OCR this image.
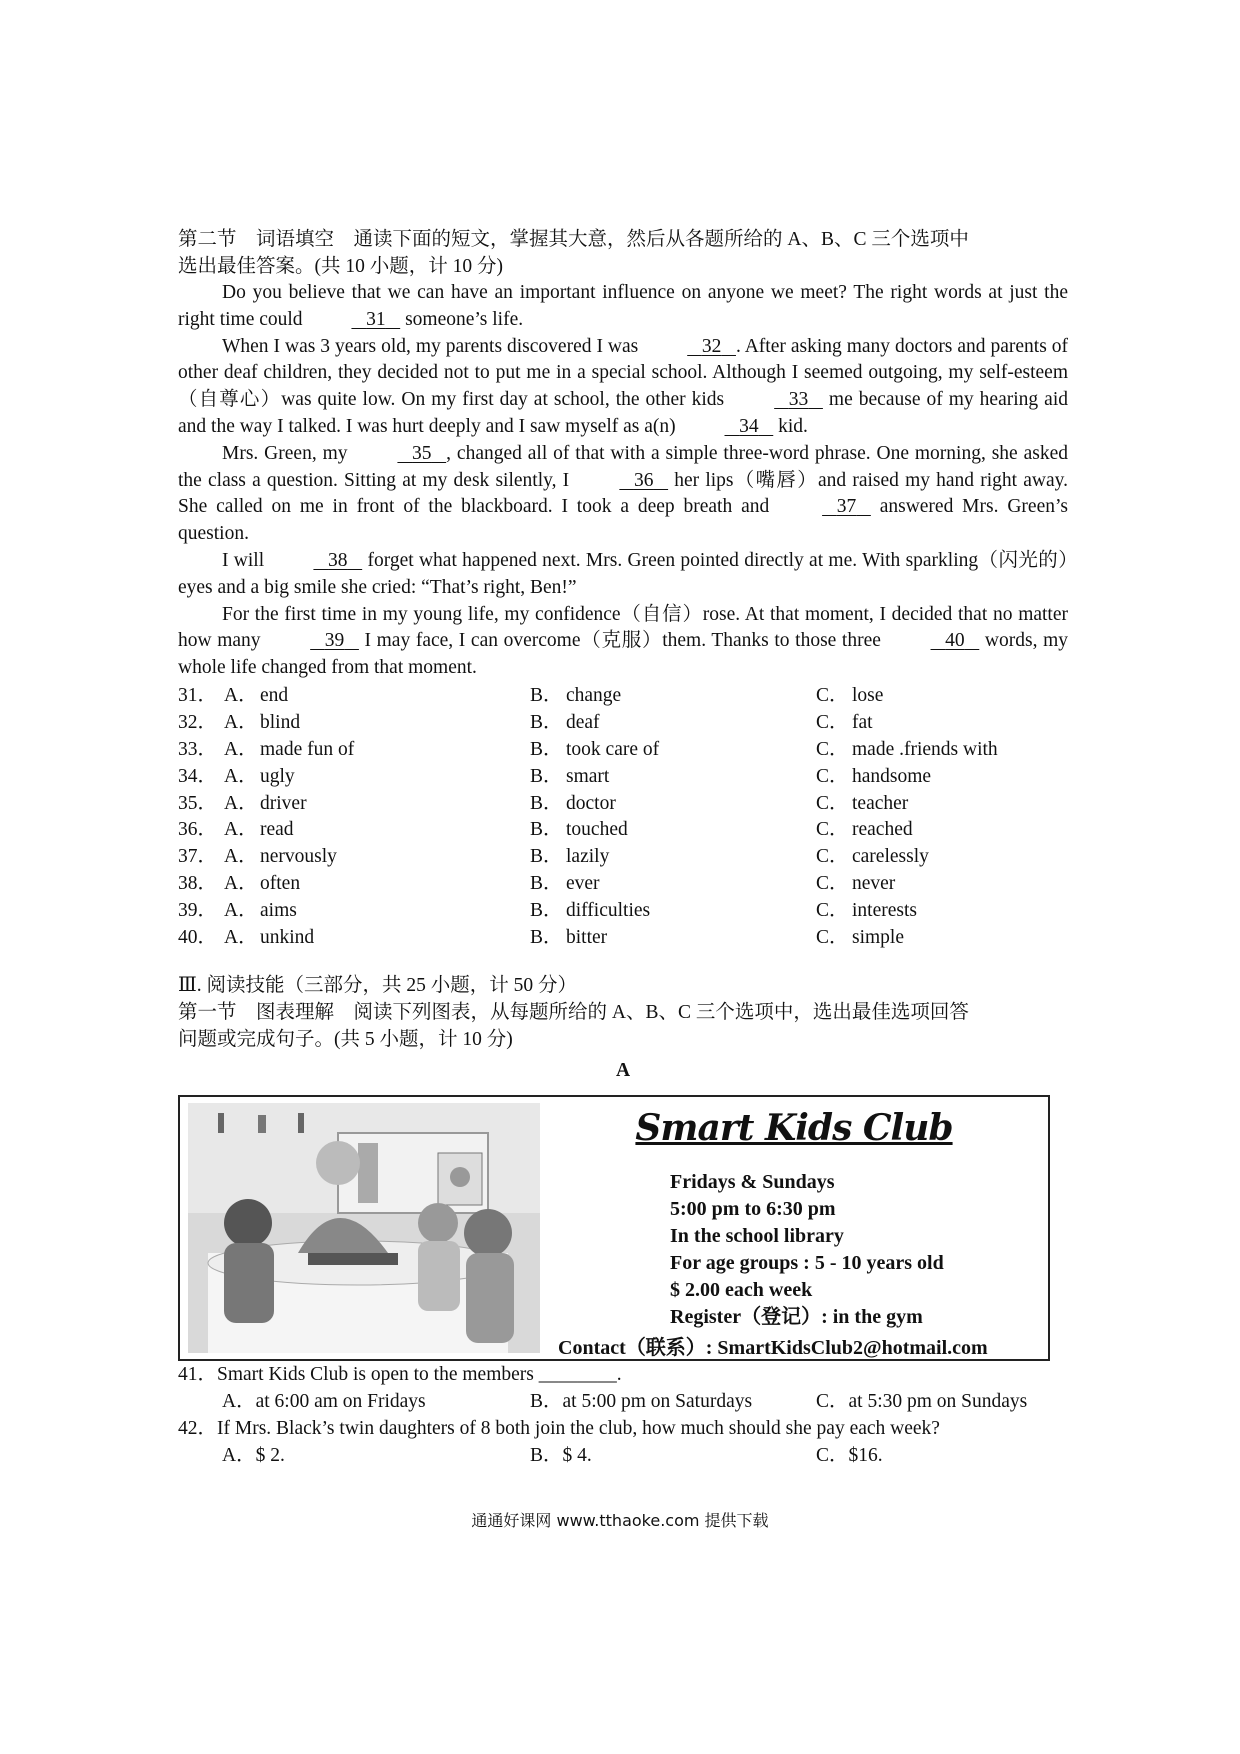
第二节　词语填空　通读下面的短文，掌握其大意，然后从各题所给的 A、B、C 三个选项中

选出最佳答案。(共 10 小题，计 10 分)

Do you believe that we can have an important influence on anyone we meet? The right words at just the right time could	31 someone’s life.

When I was 3 years old, my parents discovered I was	32 . After asking many doctors and parents of other deaf children, they decided not to put me in a special school. Although I seemed outgoing, my self-esteem（自尊心）was quite low. On my first day at school, the other kids	33 me because of my hearing aid and the way I talked. I was hurt deeply and I saw myself as a(n)	34 kid.

Mrs. Green, my	35 , changed all of that with a simple three-word phrase. One morning, she asked the class a question. Sitting at my desk silently, I	36 her lips（嘴唇）and raised my hand right away. She called on me in front of the blackboard. I took a deep breath and	37 answered Mrs. Green’s question.

I will	38 forget what happened next. Mrs. Green pointed directly at me. With sparkling（闪光的）eyes and a big smile she cried: “That’s right, Ben!”

For the first time in my young life, my confidence（自信）rose. At that moment, I decided that no matter how many	39 I may face, I can overcome（克服）them. Thanks to those three	40 words, my whole life changed from that moment.

31． A． end	B． change	C． lose
32． A． blind	B． deaf	C． fat
33． A． made fun of	B． took care of	C． made .friends with
34． A． ugly	B． smart	C． handsome
35． A． driver	B． doctor	C． teacher
36． A． read	B． touched	C． reached
37． A． nervously	B． lazily	C． carelessly
38． A． often	B． ever	C． never
39． A． aims	B． difficulties	C． interests
40． A． unkind	B． bitter	C． simple

Ⅲ. 阅读技能（三部分，共 25 小题，计 50 分）

第一节　图表理解　阅读下列图表，从每题所给的 A、B、C 三个选项中，选出最佳选项回答

问题或完成句子。(共 5 小题，计 10 分)

A
Smart Kids Club
Fridays & Sundays
5:00 pm to 6:30 pm
In the school library
For age groups : 5 - 10 years old
$ 2.00 each week
Register（登记）: in the gym
Contact（联系）: SmartKidsClub2@hotmail.com

41．Smart Kids Club is open to the members ________.

A．at 6:00 am on Fridays	B．at 5:00 pm on Saturdays	C．at 5:30 pm on Sundays

42．If Mrs. Black’s twin daughters of 8 both join the club, how much should she pay each week?

A．$ 2.	B．$ 4.	C．$16.
通通好课网 www.tthaoke.com 提供下载
